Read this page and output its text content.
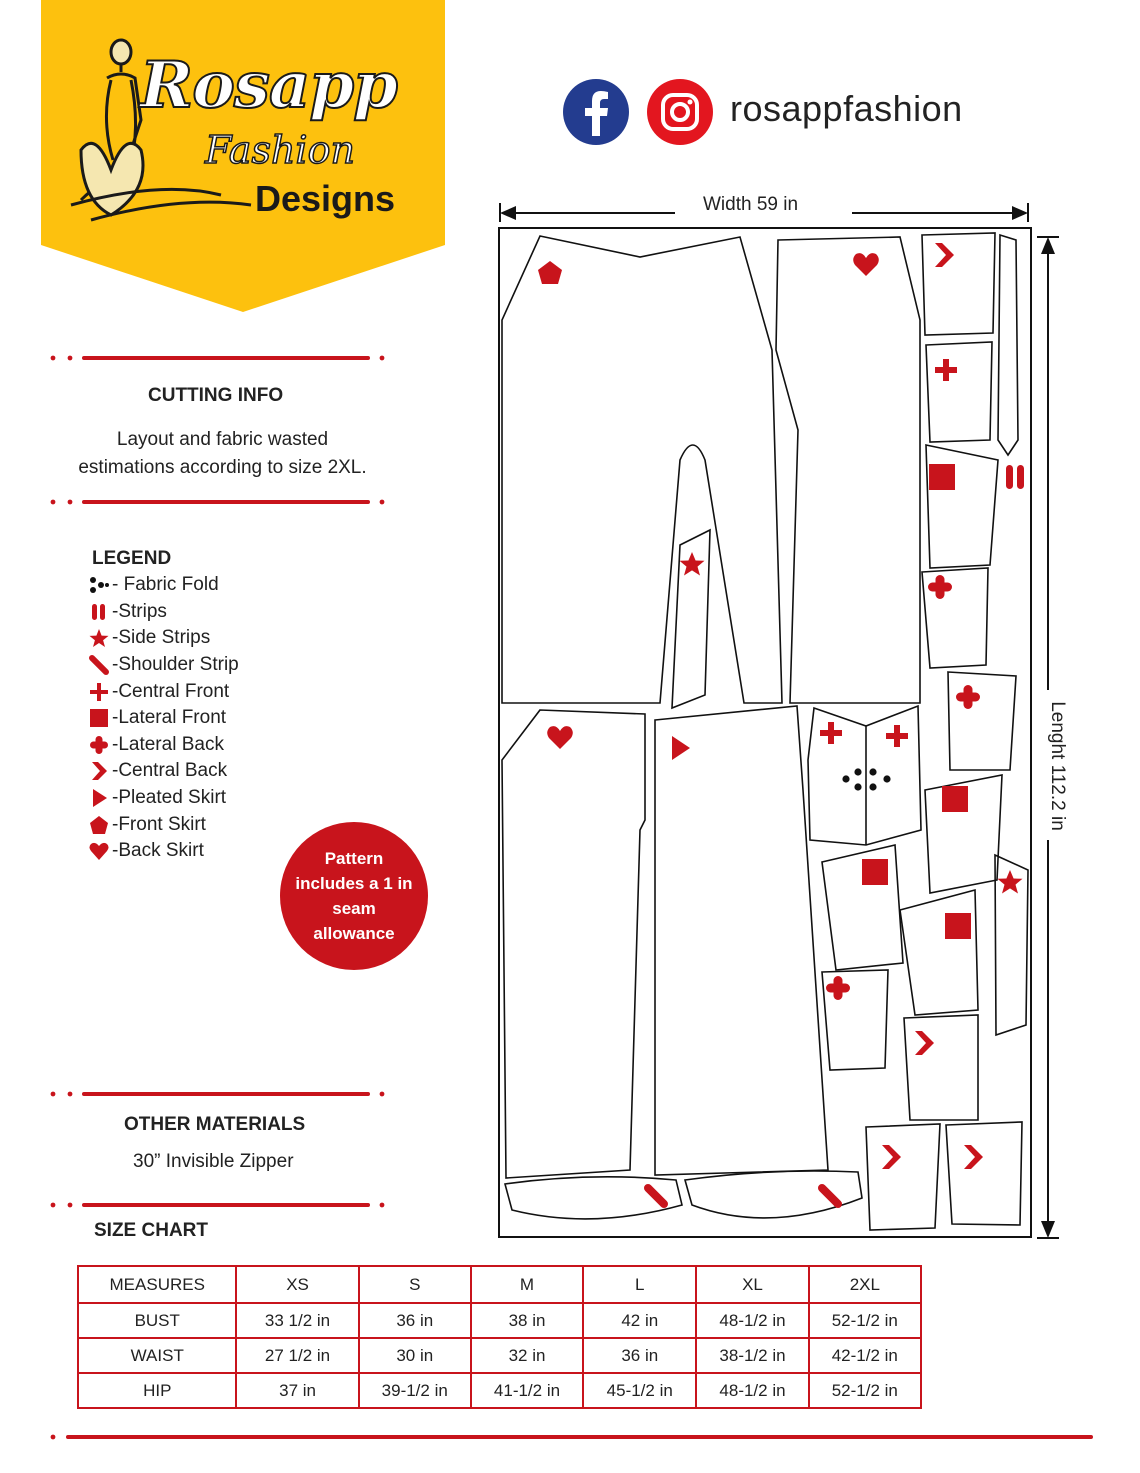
Rosapp
Fashion
Designs
rosappfashion
CUTTING INFO
Layout and fabric wasted
estimations according to size 2XL.
LEGEND
- Fabric Fold
-Strips
-Side Strips
-Shoulder Strip
-Central Front
-Lateral Front
-Lateral Back
-Central Back
-Pleated Skirt
-Front Skirt
-Back Skirt	Pattern
includes a 1 in
seam
allowance
OTHER MATERIALS
30” Invisible Zipper
Width 59 in
Lenght 112.2 in
SIZE CHART
MEASURES	XS	S	M	L	XL	2XL
BUST	33 1/2 in	36 in	38 in	42 in	48-1/2 in	52-1/2 in
WAIST	27 1/2 in	30 in	32 in	36 in	38-1/2 in	42-1/2 in
HIP	37 in	39-1/2 in	41-1/2 in	45-1/2 in	48-1/2 in	52-1/2 in
